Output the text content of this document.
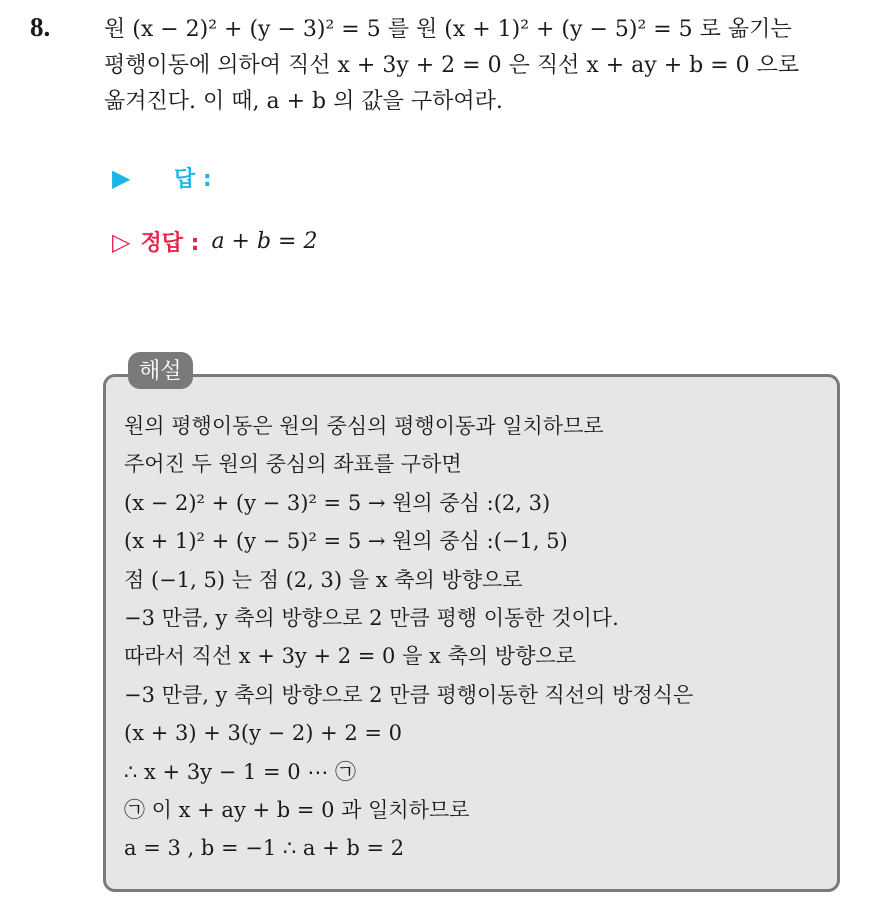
8. 원 (x − 2)² + (y − 3)² = 5 를 원 (x + 1)² + (y − 5)² = 5 로 옮기는
평행이동에 의하여 직선 x + 3y + 2 = 0 은 직선 x + ay + b = 0 으로
옮겨진다. 이 때, a + b 의 값을 구하여라.
▶	답 :
▷ 정답 : a + b = 2
해설
원의 평행이동은 원의 중심의 평행이동과 일치하므로
주어진 두 원의 중심의 좌표를 구하면
(x − 2)² + (y − 3)² = 5 → 원의 중심 :(2, 3)
(x + 1)² + (y − 5)² = 5 → 원의 중심 :(−1, 5)
점 (−1, 5) 는 점 (2, 3) 을 x 축의 방향으로
−3 만큼, y 축의 방향으로 2 만큼 평행 이동한 것이다.
따라서 직선 x + 3y + 2 = 0 을 x 축의 방향으로
−3 만큼, y 축의 방향으로 2 만큼 평행이동한 직선의 방정식은
(x + 3) + 3(y − 2) + 2 = 0
∴ x + 3y − 1 = 0 ⋯ ㉠
㉠ 이 x + ay + b = 0 과 일치하므로
a = 3 , b = −1 ∴ a + b = 2
